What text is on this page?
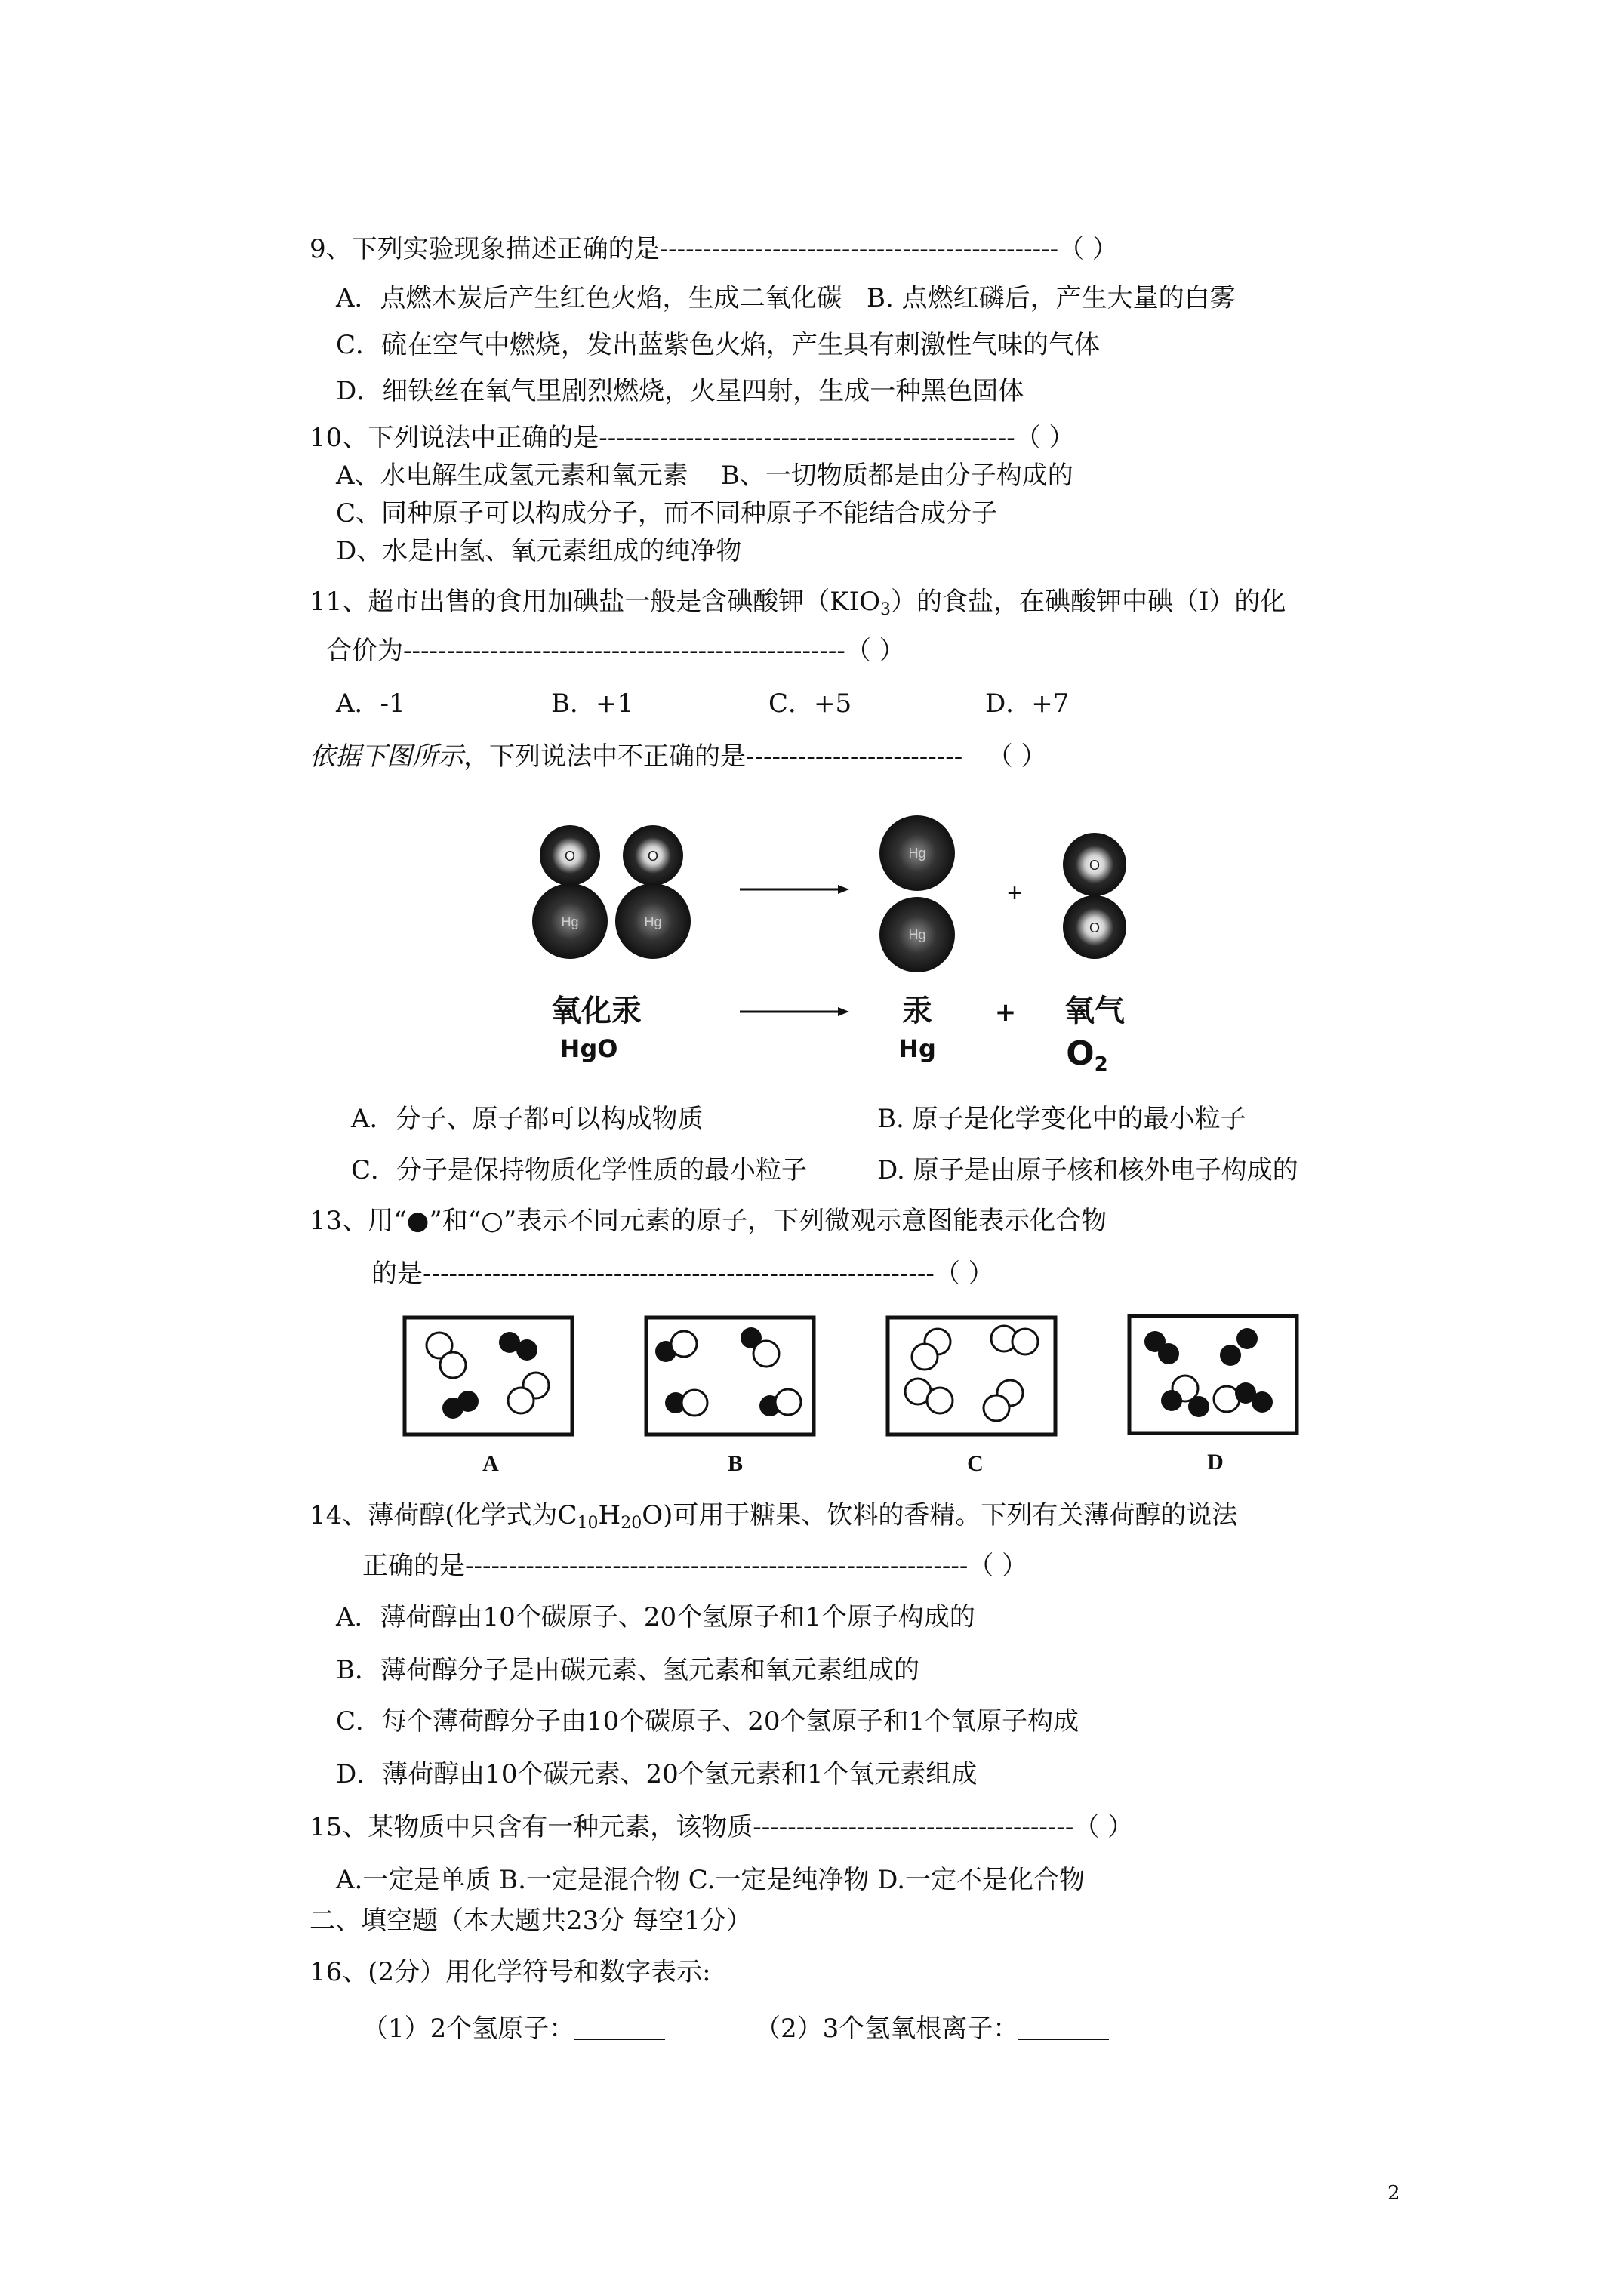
9、下列实验现象描述正确的是----------------------------------------------（ ）
A．点燃木炭后产生红色火焰，生成二氧化碳 B. 点燃红磷后，产生大量的白雾
C．硫在空气中燃烧，发出蓝紫色火焰，产生具有刺激性气味的气体
D．细铁丝在氧气里剧烈燃烧，火星四射，生成一种黑色固体
10、下列说法中正确的是------------------------------------------------（ ）
A、水电解生成氢元素和氧元素 B、一切物质都是由分子构成的
C、同种原子可以构成分子，而不同种原子不能结合成分子
D、水是由氢、氧元素组成的纯净物
11、超市出售的食用加碘盐一般是含碘酸钾$(KIO_3)$的食盐，在碘酸钾中碘（I）的化
合价为---------------------------------------------------（ ）
A．-1	B．+1	C．+5	D．+7
依据下图所示，下列说法中不正确的是------------------------- （ ）
O
Hg
O
Hg
Hg
Hg
+
O
O
氧化汞
HgO
汞
Hg
+ 氧气
O2
A．分子、原子都可以构成物质	B. 原子是化学变化中的最小粒子
C．分子是保持物质化学性质的最小粒子	D. 原子是由原子核和核外电子构成的
13、用“●”和“○”表示不同元素的原子，下列微观示意图能表示化合物
的是-----------------------------------------------------------（ ）
A	B	C	D
14、薄荷醇(化学式为$C_{10}H_{20}O$)可用于糖果、饮料的香精。下列有关薄荷醇的说法
正确的是----------------------------------------------------------（ ）
A．薄荷醇由10个碳原子、20个氢原子和1个原子构成的
B．薄荷醇分子是由碳元素、氢元素和氧元素组成的
C．每个薄荷醇分子由10个碳原子、20个氢原子和1个氧原子构成
D．薄荷醇由10个碳元素、20个氢元素和1个氧元素组成
15、某物质中只含有一种元素，该物质-------------------------------------（ ）
A.一定是单质 B.一定是混合物 C.一定是纯净物 D.一定不是化合物
二、填空题（本大题共23分 每空1分）
16、(2分）用化学符号和数字表示:
（1）2个氢原子：	（2）3个氢氧根离子：
2
